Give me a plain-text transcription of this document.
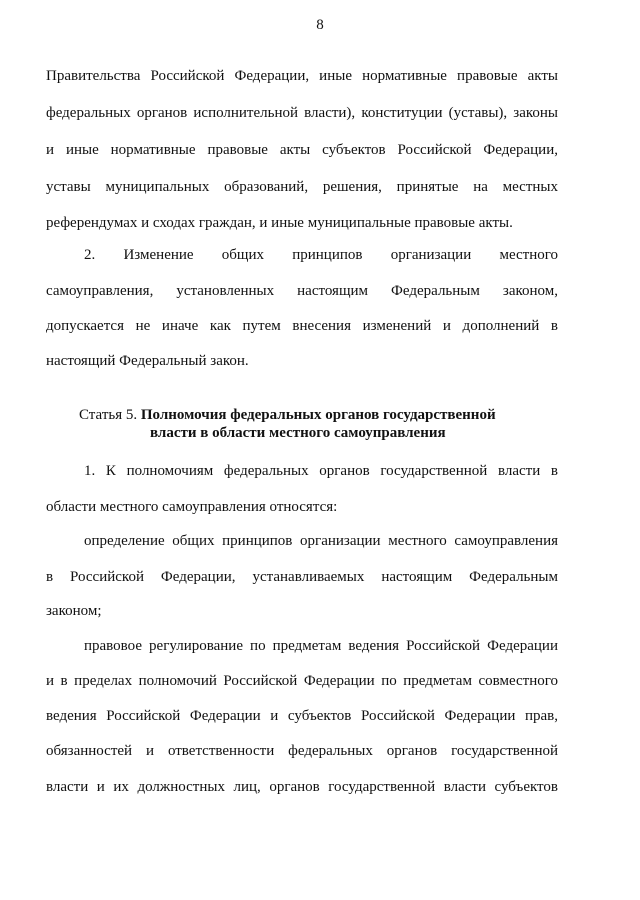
8
Правительства Российской Федерации, иные нормативные правовые акты
федеральных органов исполнительной власти), конституции (уставы), законы
и иные нормативные правовые акты субъектов Российской Федерации,
уставы муниципальных образований, решения, принятые на местных
референдумах и сходах граждан, и иные муниципальные правовые акты.
2. Изменение общих принципов организации местного
самоуправления, установленных настоящим Федеральным законом,
допускается не иначе как путем внесения изменений и дополнений в
настоящий Федеральный закон.
Статья 5. Полномочия федеральных органов государственной
власти в области местного самоуправления
1. К полномочиям федеральных органов государственной власти в
области местного самоуправления относятся:
определение общих принципов организации местного самоуправления
в Российской Федерации, устанавливаемых настоящим Федеральным
законом;
правовое регулирование по предметам ведения Российской Федерации
и в пределах полномочий Российской Федерации по предметам совместного
ведения Российской Федерации и субъектов Российской Федерации прав,
обязанностей и ответственности федеральных органов государственной
власти и их должностных лиц, органов государственной власти субъектов
